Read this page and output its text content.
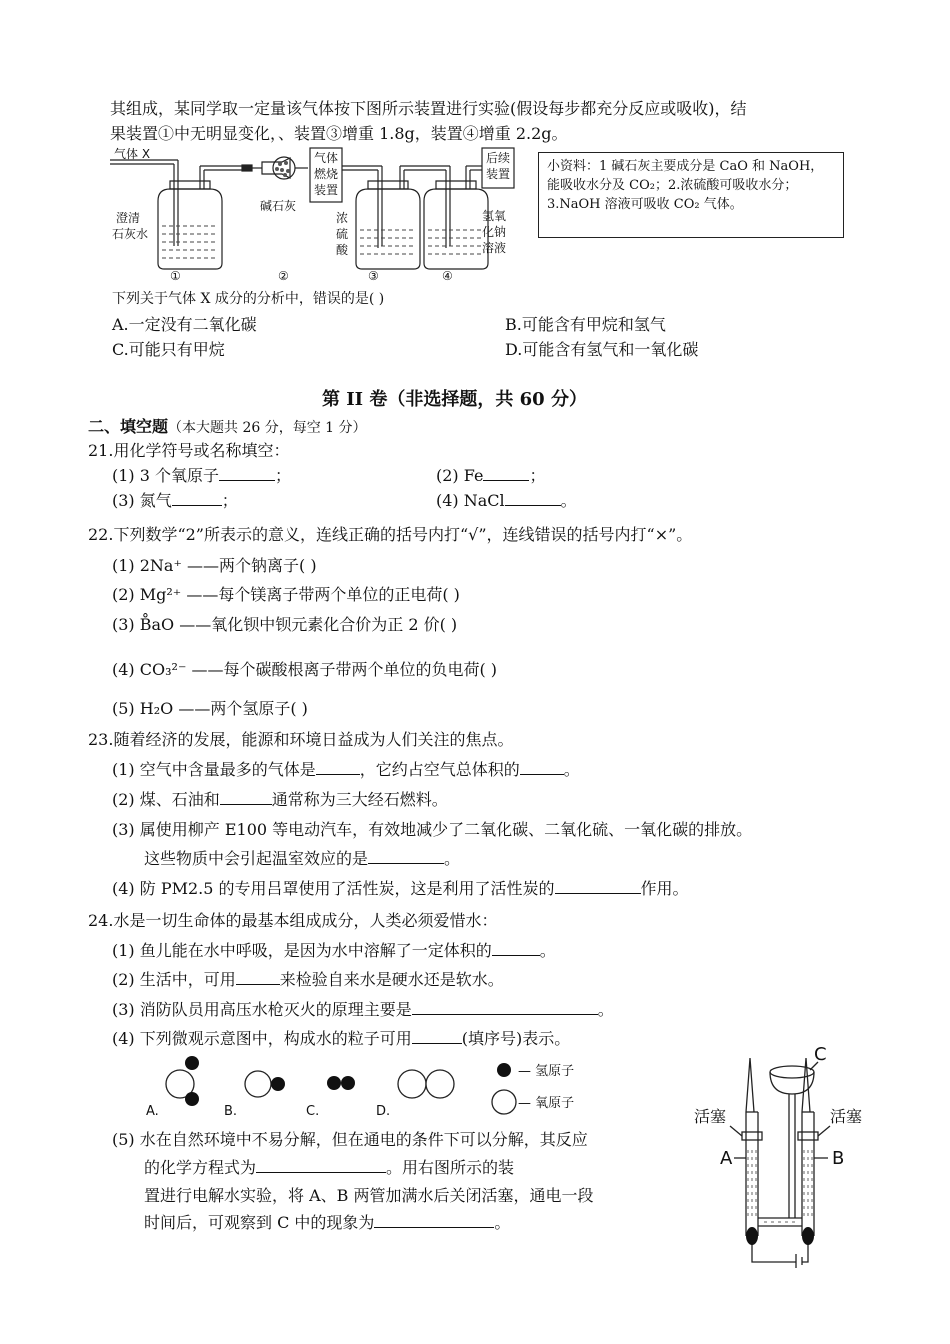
其组成，某同学取一定量该气体按下图所示装置进行实验(假设每步都充分反应或吸收)，结
果装置①中无明显变化，、装置③增重 1.8g，装置④增重 2.2g。
气体 X
澄清
石灰水
碱石灰
气体
燃烧
装置
后续
装置
浓
硫
酸
氢氧
化钠
溶液
①	②	③	④
小资料：1 碱石灰主要成分是 CaO 和 NaOH，能吸收水分及 CO₂；2.浓硫酸可吸收水分；3.NaOH 溶液可吸收 CO₂ 气体。
下列关于气体 X 成分的分析中，错误的是( )
A.一定没有二氧化碳	B.可能含有甲烷和氢气
C.可能只有甲烷	D.可能含有氢气和一氧化碳
第 II 卷（非选择题，共 60 分）
二、填空题（本大题共 26 分，每空 1 分）
21.用化学符号或名称填空：
(1) 3 个氧原子	；	(2) Fe	；
(3) 氮气	；	(4) NaCl	。
22.下列数学“2”所表示的意义，连线正确的括号内打“√”，连线错误的括号内打“×”。
(1) 2Na⁺ ——两个钠离子( )
(2) Mg²⁺ ——每个镁离子带两个单位的正电荷( )
(3) B̊aO ——氧化钡中钡元素化合价为正 2 价( )
(4) CO₃²⁻ ——每个碳酸根离子带两个单位的负电荷( )
(5) H₂O ——两个氢原子( )
23.随着经济的发展，能源和环境日益成为人们关注的焦点。
(1) 空气中含量最多的气体是	，它约占空气总体积的	。
(2) 煤、石油和	通常称为三大经石燃料。
(3) 属使用柳产 E100 等电动汽车，有效地减少了二氧化碳、二氧化硫、一氧化碳的排放。
这些物质中会引起温室效应的是	。
(4) 防 PM2.5 的专用吕罩使用了活性炭，这是利用了活性炭的	作用。
24.水是一切生命体的最基本组成成分，人类必须爱惜水：
(1) 鱼儿能在水中呼吸，是因为水中溶解了一定体积的	。
(2) 生活中，可用	来检验自来水是硬水还是软水。
(3) 消防队员用高压水枪灭火的原理主要是	。
(4) 下列微观示意图中，构成水的粒子可用	(填序号)表示。
A.	B.	C.	D.
— 氢原子
— 氧原子
(5) 水在自然环境中不易分解，但在通电的条件下可以分解，其反应
的化学方程式为	。用右图所示的装
置进行电解水实验，将 A、B 两管加满水后关闭活塞，通电一段
时间后，可观察到 C 中的现象为	。
C
活塞	活塞
A	B
